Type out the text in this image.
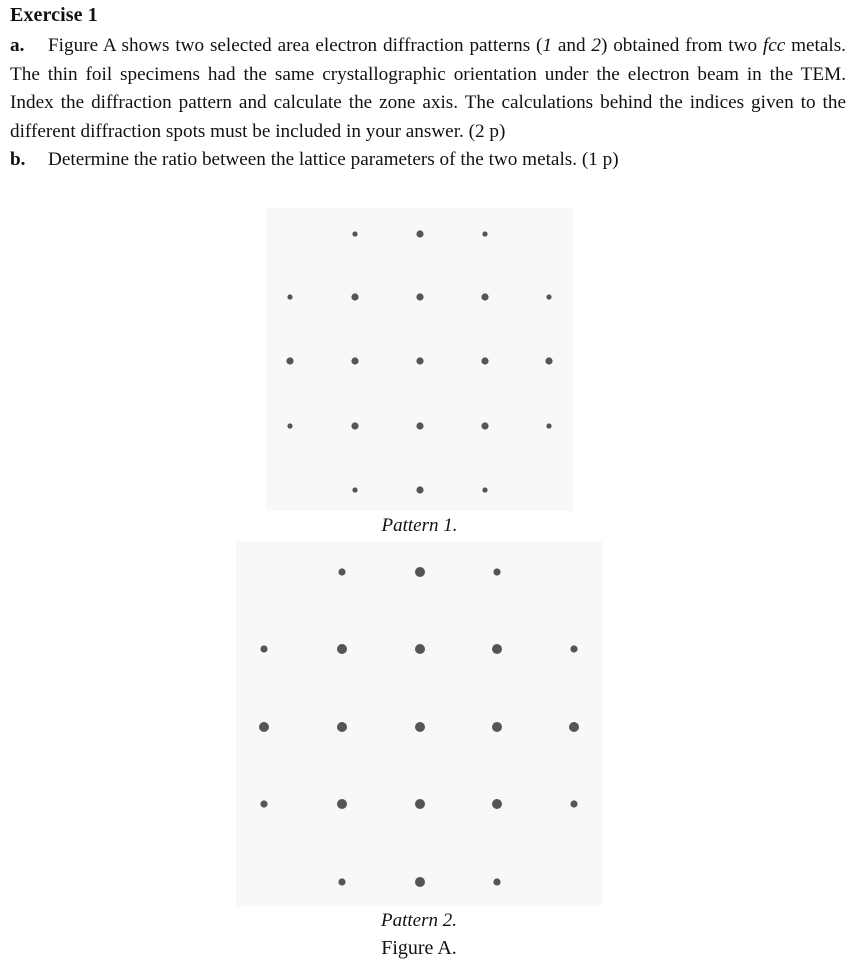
Exercise 1
a. Figure A shows two selected area electron diffraction patterns (1 and 2) obtained from two fcc metals. The thin foil specimens had the same crystallographic orientation under the electron beam in the TEM. Index the diffraction pattern and calculate the zone axis. The calculations behind the indices given to the different diffraction spots must be included in your answer. (2 p)
b. Determine the ratio between the lattice parameters of the two metals. (1 p)
Pattern 1.
Pattern 2.
Figure A.
